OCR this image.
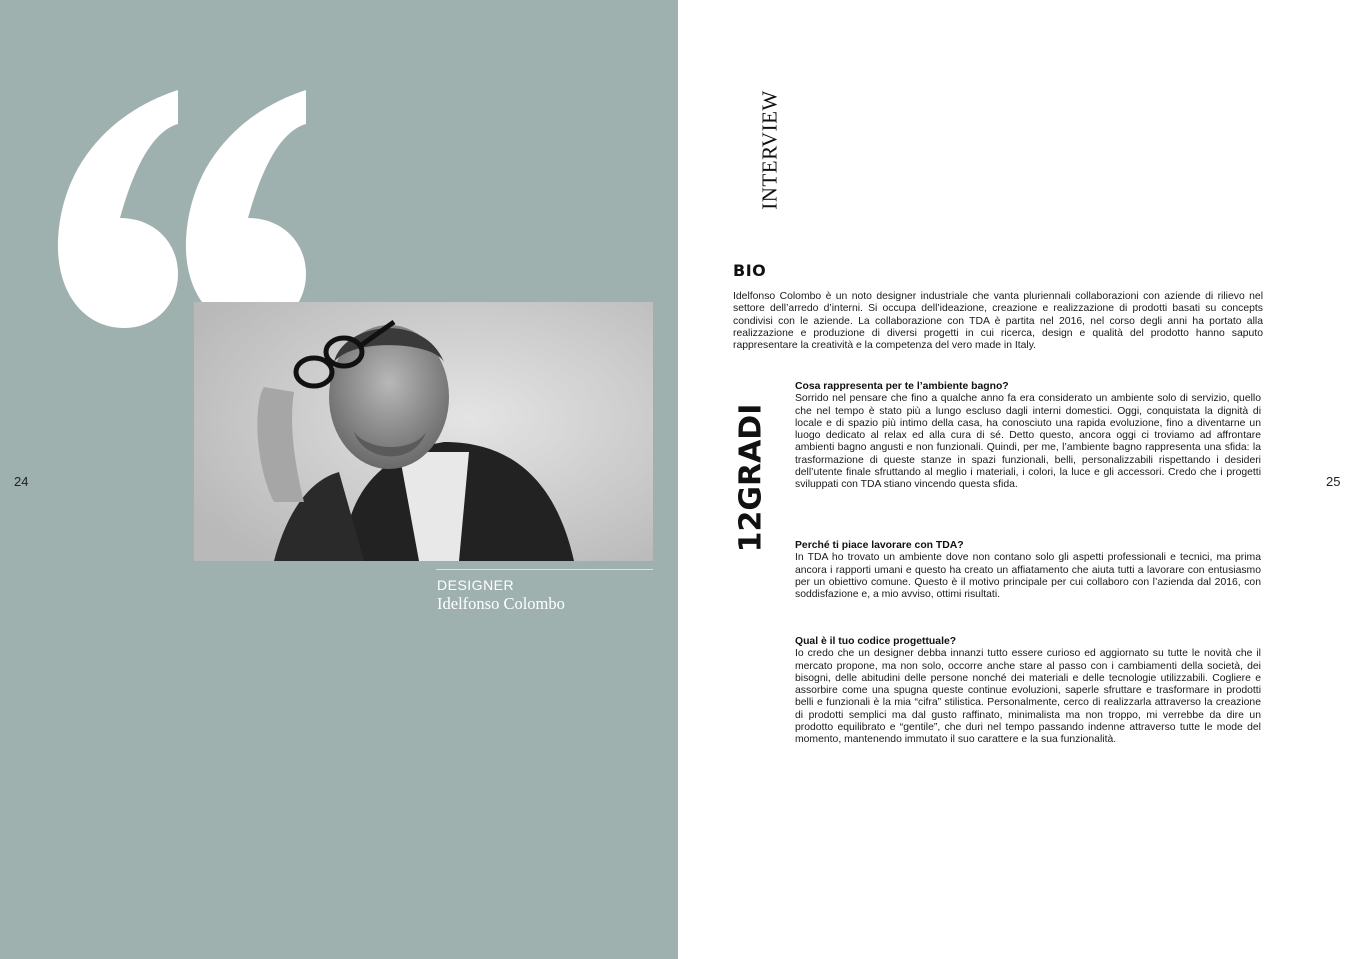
DESIGNER
Idelfonso Colombo
24
INTERVIEW
12GRADI
BIO
Idelfonso Colombo è un noto designer industriale che vanta pluriennali collaborazioni con aziende di rilievo nel settore dell’arredo d’interni. Si occupa dell’ideazione, creazione e realizzazione di prodotti basati su concepts condivisi con le aziende. La collaborazione con TDA è partita nel 2016, nel corso degli anni ha portato alla realizzazione e produzione di diversi progetti in cui ricerca, design e qualità del prodotto hanno saputo rappresentare la creatività e la competenza del vero made in Italy.
Cosa rappresenta per te l’ambiente bagno?
Sorrido nel pensare che fino a qualche anno fa era considerato un ambiente solo di servizio, quello che nel tempo è stato più a lungo escluso dagli interni domestici. Oggi, conquistata la dignità di locale e di spazio più intimo della casa, ha conosciuto una rapida evoluzione, fino a diventarne un luogo dedicato al relax ed alla cura di sé. Detto questo, ancora oggi ci troviamo ad affrontare ambienti bagno angusti e non funzionali. Quindi, per me, l’ambiente bagno rappresenta una sfida: la trasformazione di queste stanze in spazi funzionali, belli, personalizzabili rispettando i desideri dell’utente finale sfruttando al meglio i materiali, i colori, la luce e gli accessori. Credo che i progetti sviluppati con TDA stiano vincendo questa sfida.
Perché ti piace lavorare con TDA?
In TDA ho trovato un ambiente dove non contano solo gli aspetti professionali e tecnici, ma prima ancora i rapporti umani e questo ha creato un affiatamento che aiuta tutti a lavorare con entusiasmo per un obiettivo comune. Questo è il motivo principale per cui collaboro con l’azienda dal 2016, con soddisfazione e, a mio avviso, ottimi risultati.
Qual è il tuo codice progettuale?
Io credo che un designer debba innanzi tutto essere curioso ed aggiornato su tutte le novità che il mercato propone, ma non solo, occorre anche stare al passo con i cambiamenti della società, dei bisogni, delle abitudini delle persone nonché dei materiali e delle tecnologie utilizzabili. Cogliere e assorbire come una spugna queste continue evoluzioni, saperle sfruttare e trasformare in prodotti belli e funzionali è la mia “cifra” stilistica. Personalmente, cerco di realizzarla attraverso la creazione di prodotti semplici ma dal gusto raffinato, minimalista ma non troppo, mi verrebbe da dire un prodotto equilibrato e “gentile”, che duri nel tempo passando indenne attraverso tutte le mode del momento, mantenendo immutato il suo carattere e la sua funzionalità.
25
